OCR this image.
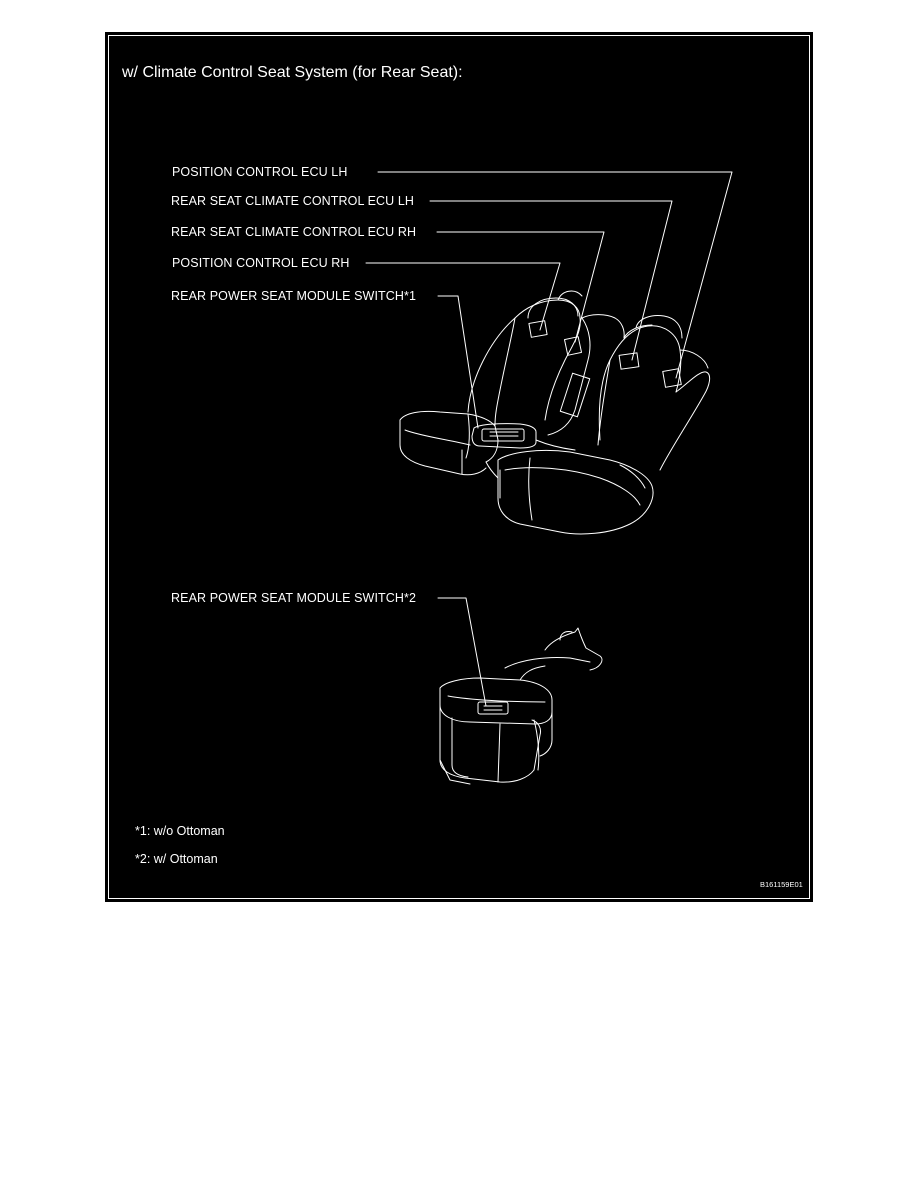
w/ Climate Control Seat System (for Rear Seat):
POSITION CONTROL ECU LH
REAR SEAT CLIMATE CONTROL ECU LH
REAR SEAT CLIMATE CONTROL ECU RH
POSITION CONTROL ECU RH
REAR POWER SEAT MODULE SWITCH*1
REAR POWER SEAT MODULE SWITCH*2
*1: w/o Ottoman
*2: w/ Ottoman
B161159E01
